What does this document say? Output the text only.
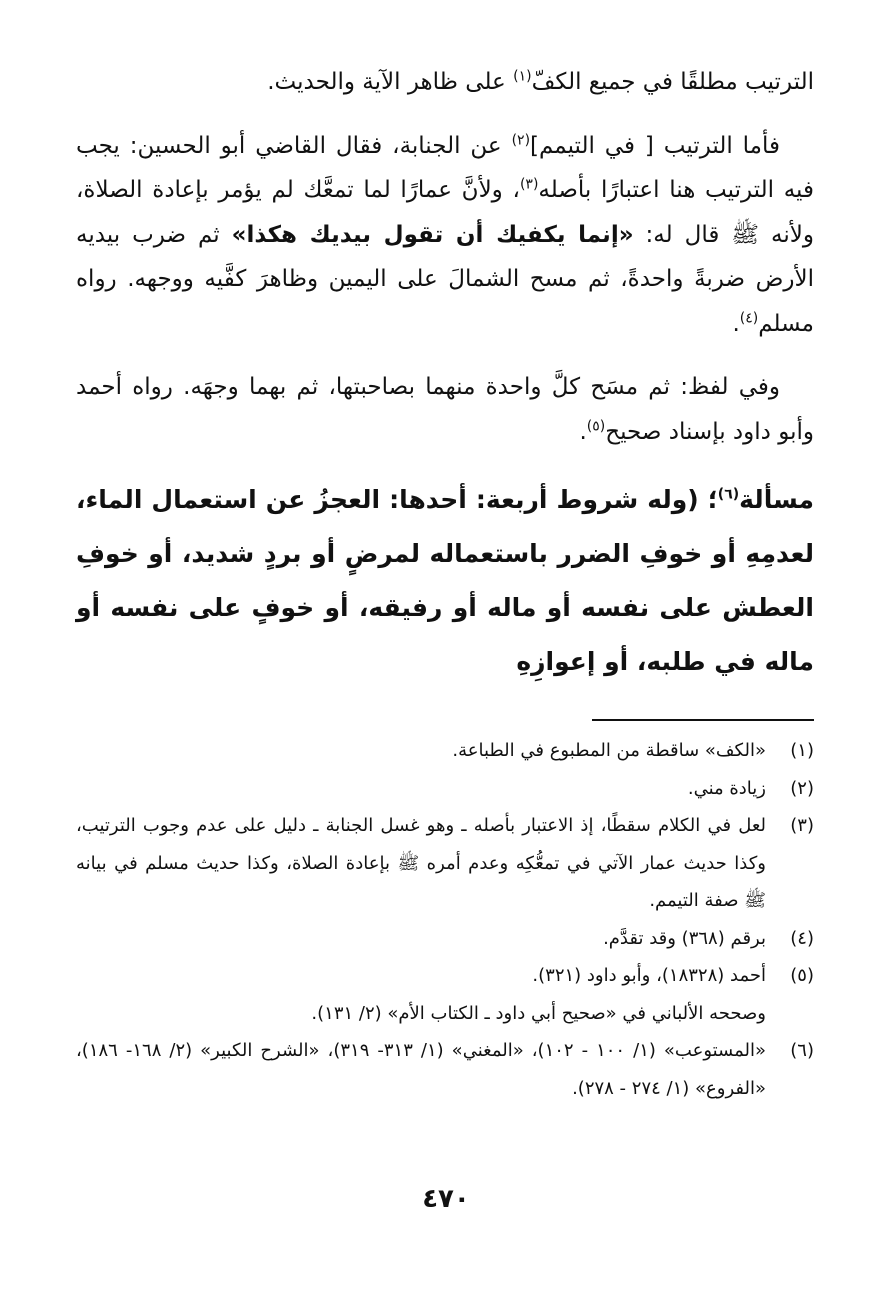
الترتيب مطلقًا في جميع الكفّ$^{(١)}$ على ظاهر الآية والحديث.

فأما الترتيب [ في التيمم]$^{(٢)}$ عن الجنابة، فقال القاضي أبو الحسين: يجب فيه الترتيب هنا اعتبارًا بأصله$^{(٣)}$، ولأنَّ عمارًا لما تمعَّك لم يؤمر بإعادة الصلاة، ولأنه ﷺ قال له: «إنما يكفيك أن تقول بيديك هكذا» ثم ضرب بيديه الأرض ضربةً واحدةً، ثم مسح الشمالَ على اليمين وظاهرَ كفَّيه ووجهه. رواه مسلم$^{(٤)}$.

وفي لفظ: ثم مسَح كلَّ واحدة منهما بصاحبتها، ثم بهما وجهَه. رواه أحمد وأبو داود بإسناد صحيح$^{(٥)}$.

مسألة$^{(٦)}$؛ (وله شروط أربعة: أحدها: العجزُ عن استعمال الماء، لعدمِهِ أو خوفِ الضرر باستعماله لمرضٍ أو بردٍ شديد، أو خوفِ العطش على نفسه أو ماله أو رفيقه، أو خوفٍ على نفسه أو ماله في طلبه، أو إعوازِهِ

(١)
«الكف» ساقطة من المطبوع في الطباعة.
(٢)
زيادة مني.
(٣)
لعل في الكلام سقطًا، إذ الاعتبار بأصله ـ وهو غسل الجنابة ـ دليل على عدم وجوب الترتيب، وكذا حديث عمار الآتي في تمعُّكِه وعدم أمره ﷺ بإعادة الصلاة، وكذا حديث مسلم في بيانه ﷺ صفة التيمم.
(٤)
برقم (٣٦٨) وقد تقدَّم.
(٥)
أحمد (١٨٣٢٨)، وأبو داود (٣٢١).
وصححه الألباني في «صحيح أبي داود ـ الكتاب الأم» (٢/ ١٣١).
(٦)
«المستوعب» (١/ ١٠٠ - ١٠٢)، «المغني» (١/ ٣١٣- ٣١٩)، «الشرح الكبير» (٢/ ١٦٨- ١٨٦)، «الفروع» (١/ ٢٧٤ - ٢٧٨).
٤٧٠
